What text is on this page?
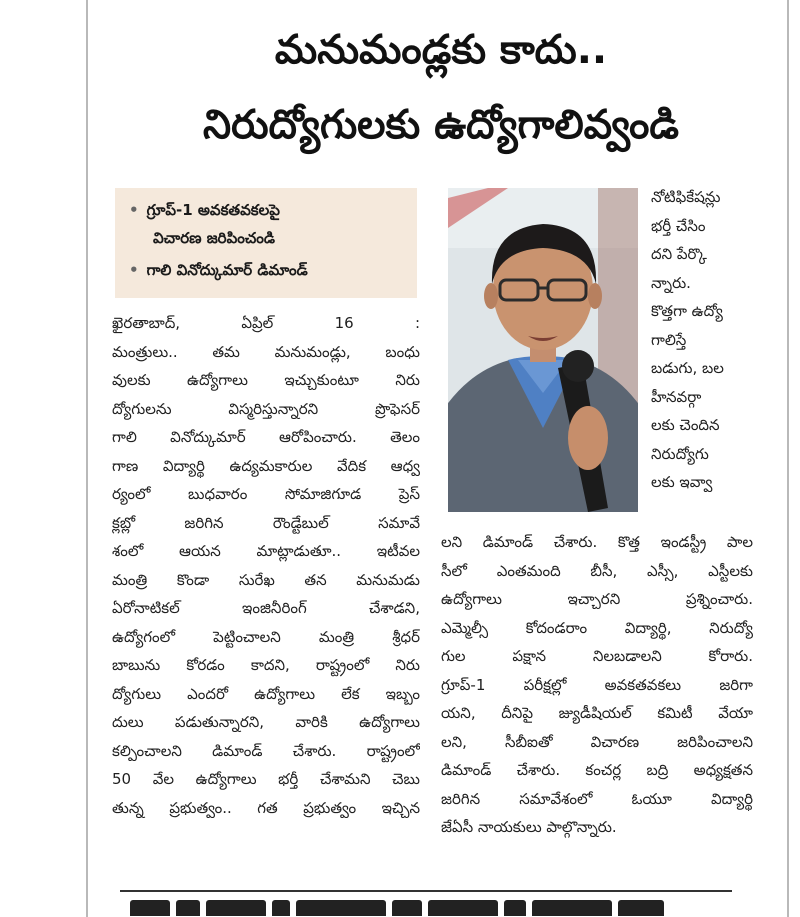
మనుమండ్లకు కాదు..
నిరుద్యోగులకు ఉద్యోగాలివ్వండి
• గ్రూప్-1 అవకతవకలపై
విచారణ జరిపించండి
• గాలి వినోద్కుమార్ డిమాండ్
ఖైరతాబాద్, ఏప్రిల్ 16 :
మంత్రులు.. తమ మనుమండ్లు, బంధు
వులకు ఉద్యోగాలు ఇచ్చుకుంటూ నిరు
ద్యోగులను విస్మరిస్తున్నారని ప్రొఫెసర్
గాలి వినోద్కుమార్ ఆరోపించారు. తెలం
గాణ విద్యార్థి ఉద్యమకారుల వేదిక ఆధ్వ
ర్యంలో బుధవారం సోమాజిగూడ ప్రెస్
క్లబ్లో జరిగిన రౌండ్టేబుల్ సమావే
శంలో ఆయన మాట్లాడుతూ.. ఇటీవల
మంత్రి కొండా సురేఖ తన మనుమడు
ఏరోనాటికల్ ఇంజినీరింగ్ చేశాడని,
ఉద్యోగంలో పెట్టించాలని మంత్రి శ్రీధర్
బాబును కోరడం కాదని, రాష్ట్రంలో నిరు
ద్యోగులు ఎందరో ఉద్యోగాలు లేక ఇబ్బం
దులు పడుతున్నారని, వారికి ఉద్యోగాలు
కల్పించాలని డిమాండ్ చేశారు. రాష్ట్రంలో
50 వేల ఉద్యోగాలు భర్తీ చేశామని చెబు
తున్న ప్రభుత్వం.. గత ప్రభుత్వం ఇచ్చిన
నోటిఫికేషన్లు
భర్తీ చేసిం
దని పేర్కొ
న్నారు.
కొత్తగా ఉద్యో
గాలిస్తే
బడుగు, బల
హీనవర్గా
లకు చెందిన
నిరుద్యోగు
లకు ఇవ్వా
లని డిమాండ్ చేశారు. కొత్త ఇండస్ట్రీ పాల
సీలో ఎంతమంది బీసీ, ఎస్సీ, ఎస్టీలకు
ఉద్యోగాలు ఇచ్చారని ప్రశ్నించారు.
ఎమ్మెల్సీ కోదండరాం విద్యార్థి, నిరుద్యో
గుల పక్షాన నిలబడాలని కోరారు.
గ్రూప్-1 పరీక్షల్లో అవకతవకలు జరిగా
యని, దీనిపై జ్యుడీషియల్ కమిటీ వేయా
లని, సీబీఐతో విచారణ జరిపించాలని
డిమాండ్ చేశారు. కంచర్ల బద్రి అధ్యక్షతన
జరిగిన సమావేశంలో ఓయూ విద్యార్థి
జేఏసీ నాయకులు పాల్గొన్నారు.
